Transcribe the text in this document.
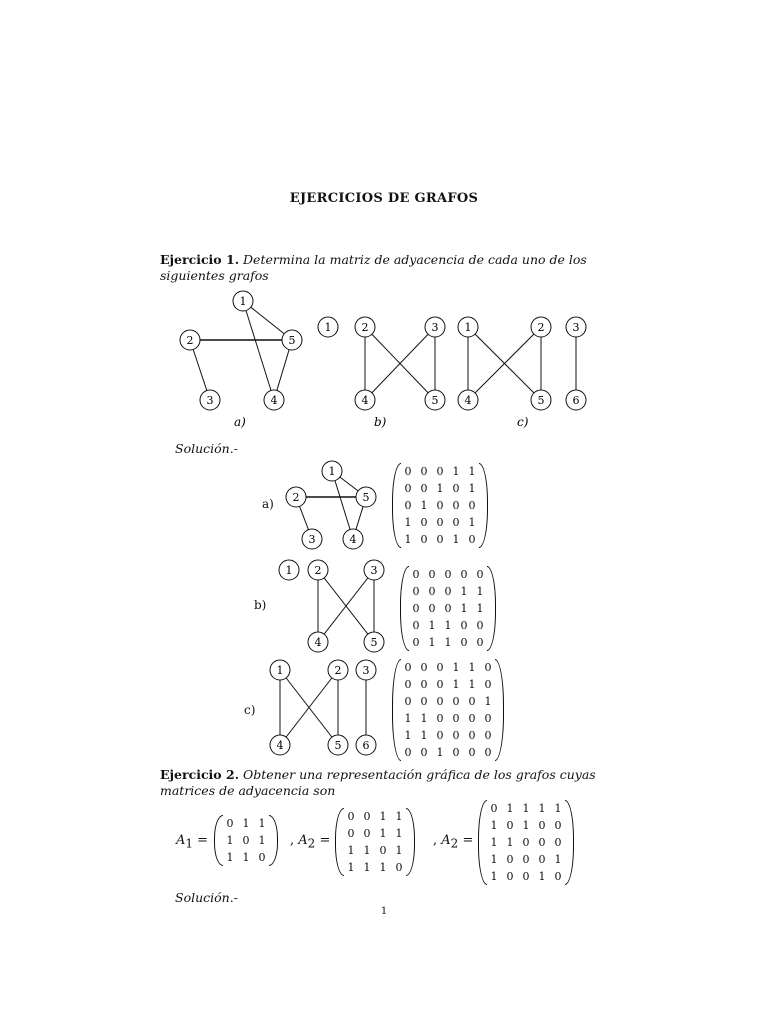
EJERCICIOS DE GRAFOS
Ejercicio 1. Determina la matriz de adyacencia de cada uno de los siguientes grafos
1
2
3	4
5
1	2	3
4	5
1	2	3
4	5	6
a)	b)	c)
Solución.-
a)
1
2
3	4
5
0	0	0	1	1
0	0	1	0	1
0	1	0	0	0
1	0	0	0	1
1	0	0	1	0
b)
1 2	3
4	5
0	0	0	0	0
0	0	0	1	1
0	0	0	1	1
0	1	1	0	0
0	1	1	0	0
c)
1	2 3
4	5 6
0	0	0	1	1	0
0	0	0	1	1	0
0	0	0	0	0	1
1	1	0	0	0	0
1	1	0	0	0	0
0	0	1	0	0	0
Ejercicio 2. Obtener una representación gráfica de los grafos cuyas matrices de adyacencia son
$A_1$ =
0	1	1
1	0	1
1	1	0
, $A_2$ =
0	0	1	1
0	0	1	1
1	1	0	1
1	1	1	0
, $A_2$ =
0	1	1	1	1
1	0	1	0	0
1	1	0	0	0
1	0	0	0	1
1	0	0	1	0
Solución.-
1
